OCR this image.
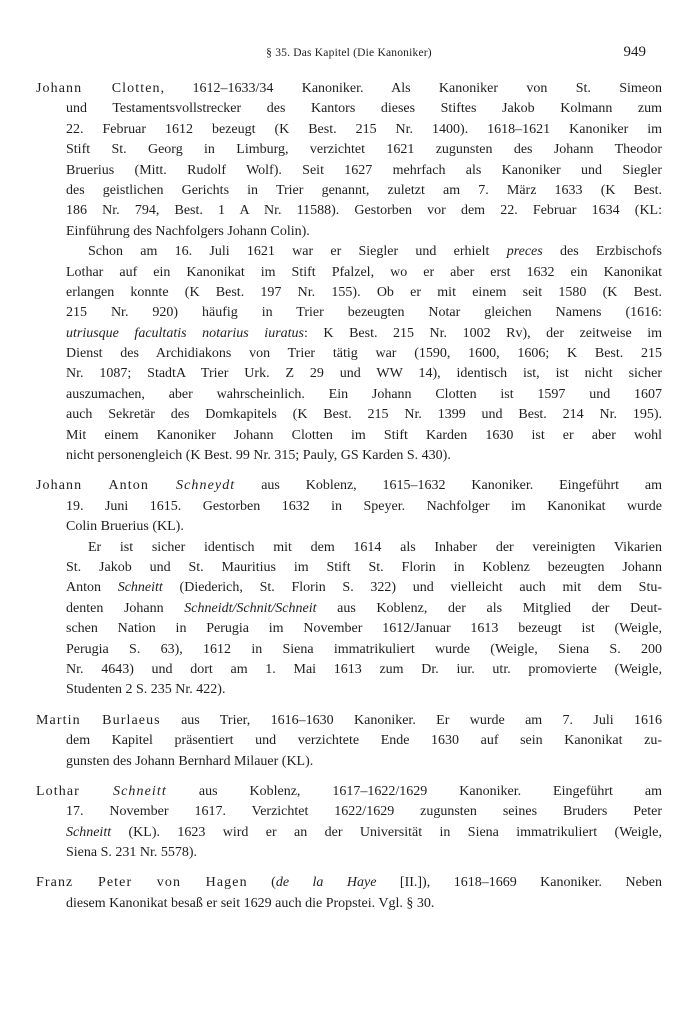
§ 35. Das Kapitel (Die Kanoniker)	949
Johann Clotten, 1612–1633/34 Kanoniker. Als Kanoniker von St. Simeon
und Testamentsvollstrecker des Kantors dieses Stiftes Jakob Kolmann zum
22. Februar 1612 bezeugt (K Best. 215 Nr. 1400). 1618–1621 Kanoniker im
Stift St. Georg in Limburg, verzichtet 1621 zugunsten des Johann Theodor
Bruerius (Mitt. Rudolf Wolf). Seit 1627 mehrfach als Kanoniker und Siegler
des geistlichen Gerichts in Trier genannt, zuletzt am 7. März 1633 (K Best.
186 Nr. 794, Best. 1 A Nr. 11588). Gestorben vor dem 22. Februar 1634 (KL:
Einführung des Nachfolgers Johann Colin).
Schon am 16. Juli 1621 war er Siegler und erhielt preces des Erzbischofs
Lothar auf ein Kanonikat im Stift Pfalzel, wo er aber erst 1632 ein Kanonikat
erlangen konnte (K Best. 197 Nr. 155). Ob er mit einem seit 1580 (K Best.
215 Nr. 920) häufig in Trier bezeugten Notar gleichen Namens (1616:
utriusque facultatis notarius iuratus: K Best. 215 Nr. 1002 Rv), der zeitweise im
Dienst des Archidiakons von Trier tätig war (1590, 1600, 1606; K Best. 215
Nr. 1087; StadtA Trier Urk. Z 29 und WW 14), identisch ist, ist nicht sicher
auszumachen, aber wahrscheinlich. Ein Johann Clotten ist 1597 und 1607
auch Sekretär des Domkapitels (K Best. 215 Nr. 1399 und Best. 214 Nr. 195).
Mit einem Kanoniker Johann Clotten im Stift Karden 1630 ist er aber wohl
nicht personengleich (K Best. 99 Nr. 315; Pauly, GS Karden S. 430).
Johann Anton Schneydt aus Koblenz, 1615–1632 Kanoniker. Eingeführt am
19. Juni 1615. Gestorben 1632 in Speyer. Nachfolger im Kanonikat wurde
Colin Bruerius (KL).
Er ist sicher identisch mit dem 1614 als Inhaber der vereinigten Vikarien
St. Jakob und St. Mauritius im Stift St. Florin in Koblenz bezeugten Johann
Anton Schneitt (Diederich, St. Florin S. 322) und vielleicht auch mit dem Stu-
denten Johann Schneidt/Schnit/Schneit aus Koblenz, der als Mitglied der Deut-
schen Nation in Perugia im November 1612/Januar 1613 bezeugt ist (Weigle,
Perugia S. 63), 1612 in Siena immatrikuliert wurde (Weigle, Siena S. 200
Nr. 4643) und dort am 1. Mai 1613 zum Dr. iur. utr. promovierte (Weigle,
Studenten 2 S. 235 Nr. 422).
Martin Burlaeus aus Trier, 1616–1630 Kanoniker. Er wurde am 7. Juli 1616
dem Kapitel präsentiert und verzichtete Ende 1630 auf sein Kanonikat zu-
gunsten des Johann Bernhard Milauer (KL).
Lothar Schneitt aus Koblenz, 1617–1622/1629 Kanoniker. Eingeführt am
17. November 1617. Verzichtet 1622/1629 zugunsten seines Bruders Peter
Schneitt (KL). 1623 wird er an der Universität in Siena immatrikuliert (Weigle,
Siena S. 231 Nr. 5578).
Franz Peter von Hagen (de la Haye [II.]), 1618–1669 Kanoniker. Neben
diesem Kanonikat besaß er seit 1629 auch die Propstei. Vgl. § 30.
